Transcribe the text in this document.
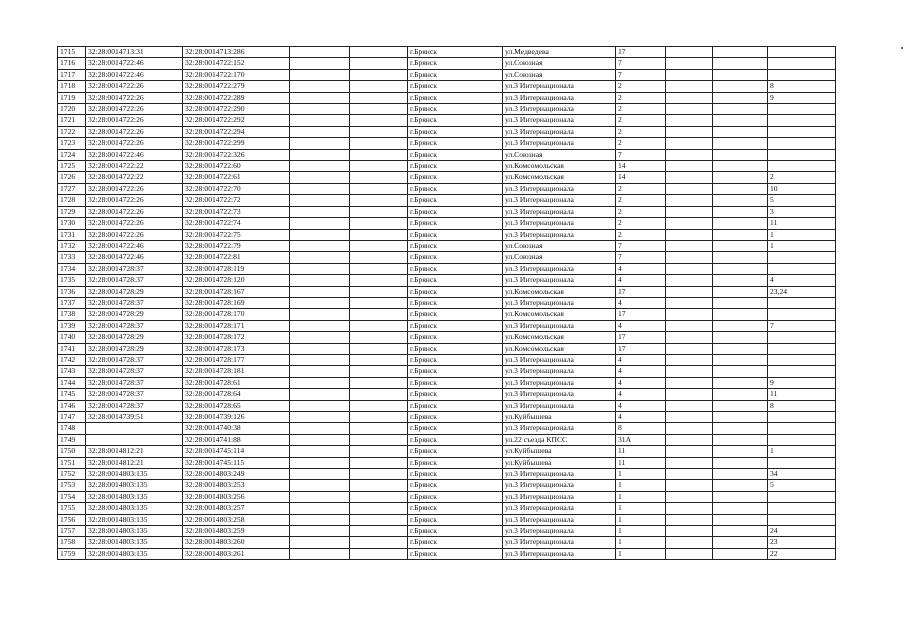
1715	32:28:0014713:31	32:28:0014713:286			г.Брянск	ул.Медведева	17			
1716	32:28:0014722:46	32:28:0014722:152			г.Брянск	ул.Союзная	7			
1717	32:28:0014722:46	32:28:0014722:170			г.Брянск	ул.Союзная	7			
1718	32:28:0014722:26	32:28:0014722:279			г.Брянск	ул.3 Интернационала	2			8
1719	32:28:0014722:26	32:28:0014722:289			г.Брянск	ул.3 Интернационала	2			9
1720	32:28:0014722:26	32:28:0014722:290			г.Брянск	ул.3 Интернационала	2			
1721	32:28:0014722:26	32:28:0014722:292			г.Брянск	ул.3 Интернационала	2			
1722	32:28:0014722:26	32:28:0014722:294			г.Брянск	ул.3 Интернационала	2			
1723	32:28:0014722:26	32:28:0014722:299			г.Брянск	ул.3 Интернационала	2			
1724	32:28:0014722:46	32:28:0014722:326			г.Брянск	ул.Союзная	7			
1725	32:28:0014722:22	32:28:0014722:60			г.Брянск	ул.Комсомольская	14			
1726	32:28:0014722:22	32:28:0014722:61			г.Брянск	ул.Комсомольская	14			2
1727	32:28:0014722:26	32:28:0014722:70			г.Брянск	ул.3 Интернационала	2			10
1728	32:28:0014722:26	32:28:0014722:72			г.Брянск	ул.3 Интернационала	2			5
1729	32:28:0014722:26	32:28:0014722:73			г.Брянск	ул.3 Интернационала	2			3
1730	32:28:0014722:26	32:28:0014722:74			г.Брянск	ул.3 Интернационала	2			11
1731	32:28:0014722:26	32:28:0014722:75			г.Брянск	ул.3 Интернационала	2			1
1732	32:28:0014722:46	32:28:0014722:79			г.Брянск	ул.Союзная	7			1
1733	32:28:0014722:46	32:28:0014722:81			г.Брянск	ул.Союзная	7			
1734	32:28:0014728:37	32:28:0014728:119			г.Брянск	ул.3 Интернационала	4			
1735	32:28:0014728:37	32:28:0014728:120			г.Брянск	ул.3 Интернационала	4			4
1736	32:28:0014728:29	32:28:0014728:167			г.Брянск	ул.Комсомольская	17			23,24
1737	32:28:0014728:37	32:28:0014728:169			г.Брянск	ул.3 Интернационала	4			
1738	32:28:0014728:29	32:28:0014728:170			г.Брянск	ул.Комсомольская	17			
1739	32:28:0014728:37	32:28:0014728:171			г.Брянск	ул.3 Интернационала	4			7
1740	32:28:0014728:29	32:28:0014728:172			г.Брянск	ул.Комсомольская	17			
1741	32:28:0014728:29	32:28:0014728:173			г.Брянск	ул.Комсомольская	17			
1742	32:28:0014728:37	32:28:0014728:177			г.Брянск	ул.3 Интернационала	4			
1743	32:28:0014728:37	32:28:0014728:181			г.Брянск	ул.3 Интернационала	4			
1744	32:28:0014728:37	32:28:0014728:61			г.Брянск	ул.3 Интернационала	4			9
1745	32:28:0014728:37	32:28:0014728:64			г.Брянск	ул.3 Интернационала	4			11
1746	32:28:0014728:37	32:28:0014728:65			г.Брянск	ул.3 Интернационала	4			8
1747	32:28:0014739:51	32:28:0014739:126			г.Брянск	ул.Куйбышева	4			
1748		32:28:0014740:38			г.Брянск	ул.3 Интернационала	8			
1749		32:28:0014741:88			г.Брянск	ул.22 съезда КПСС	31А			
1750	32:28:0014812:21	32:28:0014745:114			г.Брянск	ул.Куйбышева	11			1
1751	32:28:0014812:21	32:28:0014745:115			г.Брянск	ул.Куйбышева	11			
1752	32:28:0014803:135	32:28:0014803:249			г.Брянск	ул.3 Интернационала	1			34
1753	32:28:0014803:135	32:28:0014803:253			г.Брянск	ул.3 Интернационала	1			5
1754	32:28:0014803:135	32:28:0014803:256			г.Брянск	ул.3 Интернационала	1			
1755	32:28:0014803:135	32:28:0014803:257			г.Брянск	ул.3 Интернационала	1			
1756	32:28:0014803:135	32:28:0014803:258			г.Брянск	ул.3 Интернационала	1			
1757	32:28:0014803:135	32:28:0014803:259			г.Брянск	ул.3 Интернационала	1			24
1758	32:28:0014803:135	32:28:0014803:260			г.Брянск	ул.3 Интернационала	1			23
1759	32:28:0014803:135	32:28:0014803:261			г.Брянск	ул.3 Интернационала	1			22
